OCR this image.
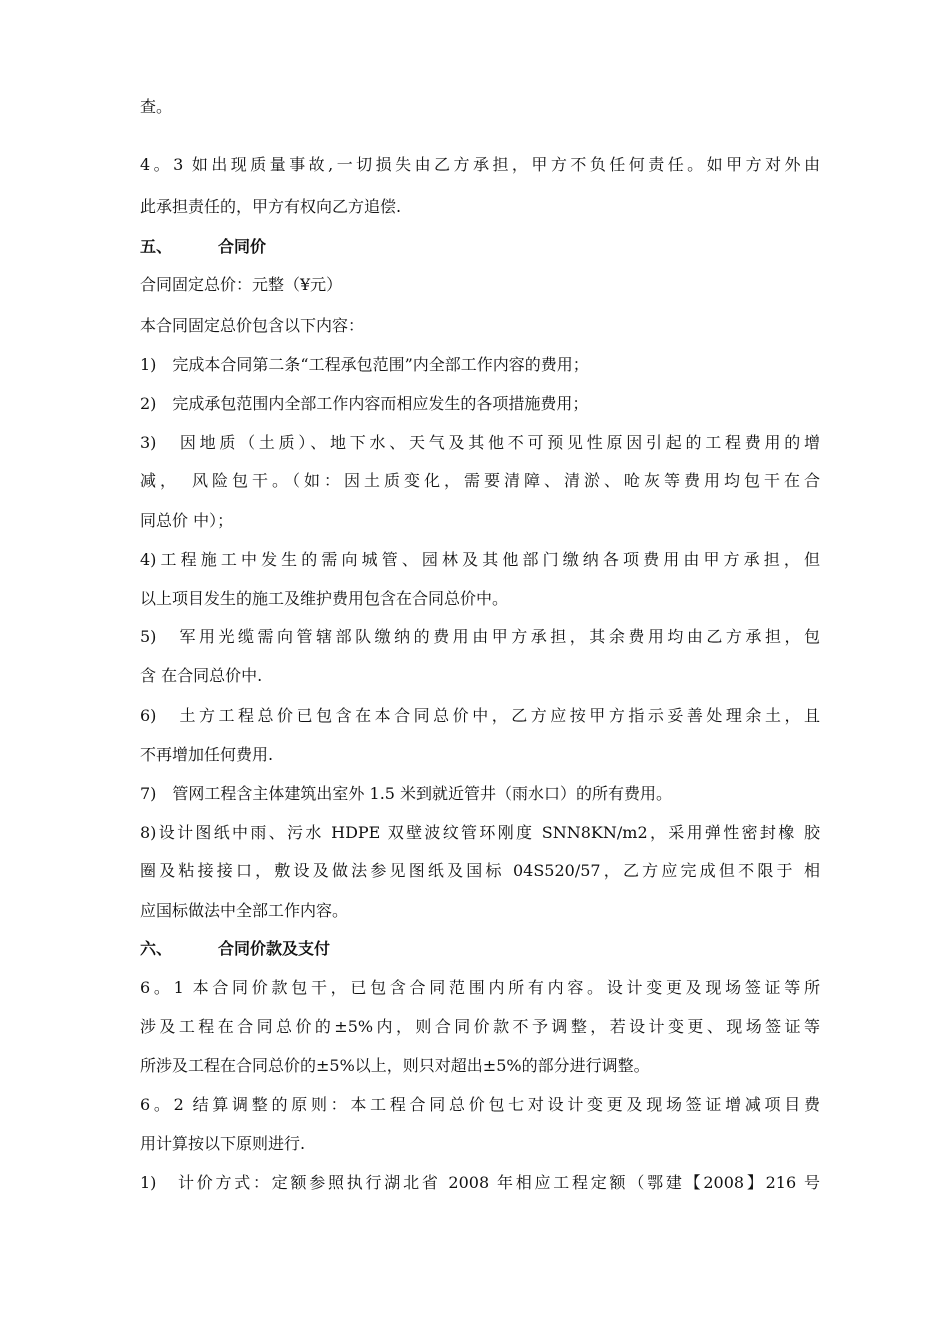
查。
4。3 如出现质量事故,一切损失由乙方承担，甲方不负任何责任。如甲方对外由
此承担责任的，甲方有权向乙方追偿.
五、	合同价
合同固定总价：元整（¥元）
本合同固定总价包含以下内容：
1)　完成本合同第二条“工程承包范围”内全部工作内容的费用；
2)　完成承包范围内全部工作内容而相应发生的各项措施费用；
3)　因地质（土质）、地下水、天气及其他不可预见性原因引起的工程费用的增
减，　风险包干。（如：因土质变化，需要清障、清淤、呛灰等费用均包干在合
同总价 中）；
4)工程施工中发生的需向城管、园林及其他部门缴纳各项费用由甲方承担，但
以上项目发生的施工及维护费用包含在合同总价中。
5)　军用光缆需向管辖部队缴纳的费用由甲方承担，其余费用均由乙方承担，包
含 在合同总价中.
6)　土方工程总价已包含在本合同总价中，乙方应按甲方指示妥善处理余土，且
不再增加任何费用.
7)　管网工程含主体建筑出室外 1.5 米到就近管井（雨水口）的所有费用。
8)设计图纸中雨、污水 HDPE 双壁波纹管环刚度 SNN8KN/m2，采用弹性密封橡 胶
圈及粘接接口，敷设及做法参见图纸及国标 04S520/57，乙方应完成但不限于 相
应国标做法中全部工作内容。
六、	合同价款及支付
6。1 本合同价款包干，已包含合同范围内所有内容。设计变更及现场签证等所
涉及工程在合同总价的±5%内，则合同价款不予调整，若设计变更、现场签证等
所涉及工程在合同总价的±5%以上，则只对超出±5%的部分进行调整。
6。2 结算调整的原则：本工程合同总价包七对设计变更及现场签证增减项目费
用计算按以下原则进行.
1)　计价方式：定额参照执行湖北省 2008 年相应工程定额（鄂建【2008】216 号
